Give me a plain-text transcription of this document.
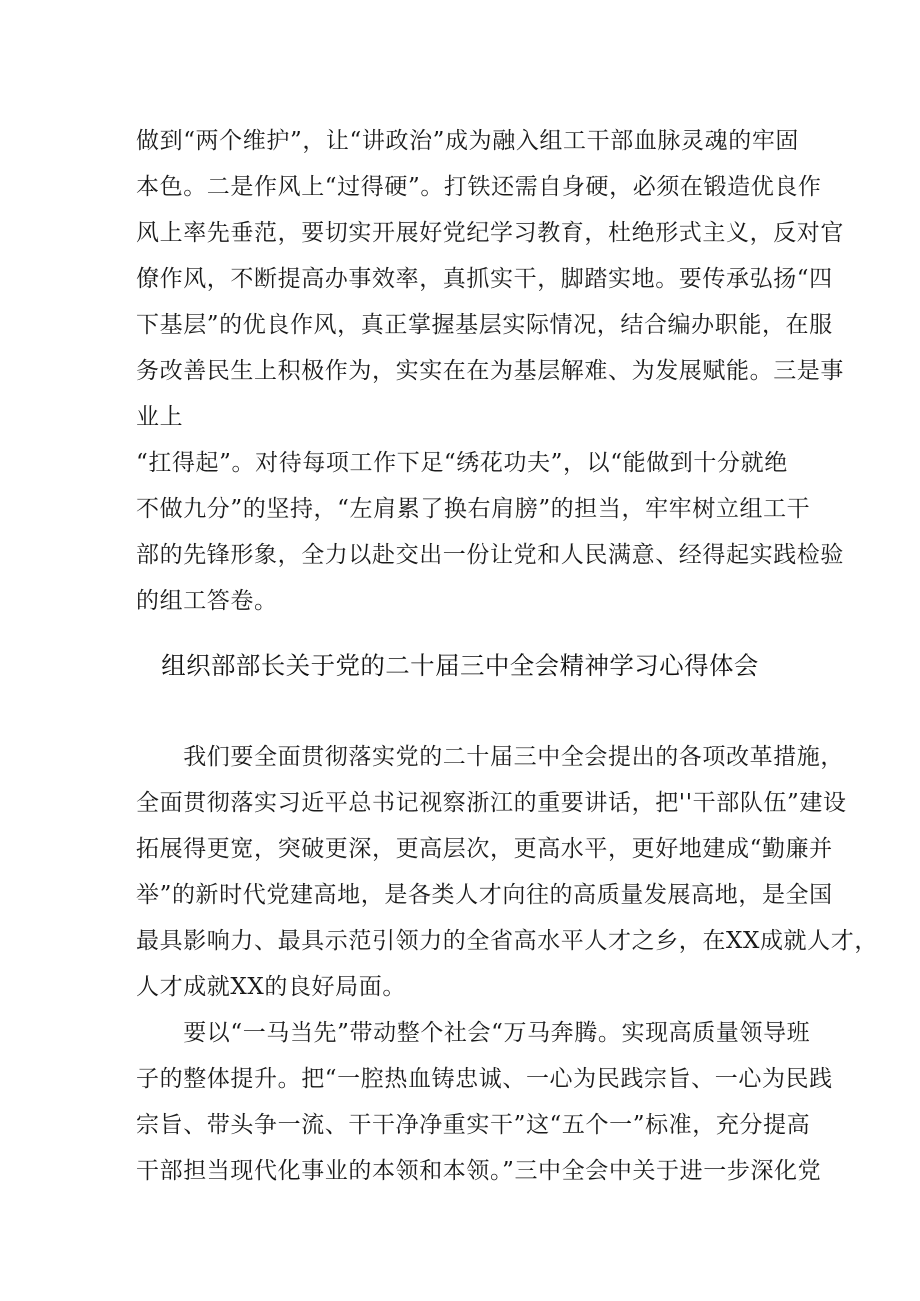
做到“两个维护”，让“讲政治”成为融入组工干部血脉灵魂的牢固
本色。二是作风上“过得硬”。打铁还需自身硬，必须在锻造优良作
风上率先垂范，要切实开展好党纪学习教育，杜绝形式主义，反对官
僚作风，不断提高办事效率，真抓实干，脚踏实地。要传承弘扬“四
下基层”的优良作风，真正掌握基层实际情况，结合编办职能，在服
务改善民生上积极作为，实实在在为基层解难、为发展赋能。三是事
业上
“扛得起”。对待每项工作下足“绣花功夫”，以“能做到十分就绝
不做九分”的坚持，“左肩累了换右肩膀”的担当，牢牢树立组工干
部的先锋形象，全力以赴交出一份让党和人民满意、经得起实践检验
的组工答卷。
组织部部长关于党的二十届三中全会精神学习心得体会
　　我们要全面贯彻落实党的二十届三中全会提出的各项改革措施，
全面贯彻落实习近平总书记视察浙江的重要讲话，把''干部队伍”建设
拓展得更宽，突破更深，更高层次，更高水平，更好地建成“勤廉并
举”的新时代党建高地，是各类人才向往的高质量发展高地，是全国
最具影响力、最具示范引领力的全省高水平人才之乡，在XX成就人才，
人才成就XX的良好局面。
　　要以“一马当先”带动整个社会“万马奔腾。实现高质量领导班
子的整体提升。把“一腔热血铸忠诚、一心为民践宗旨、一心为民践
宗旨、带头争一流、干干净净重实干”这“五个一”标准，充分提高
干部担当现代化事业的本领和本领。”三中全会中关于进一步深化党
